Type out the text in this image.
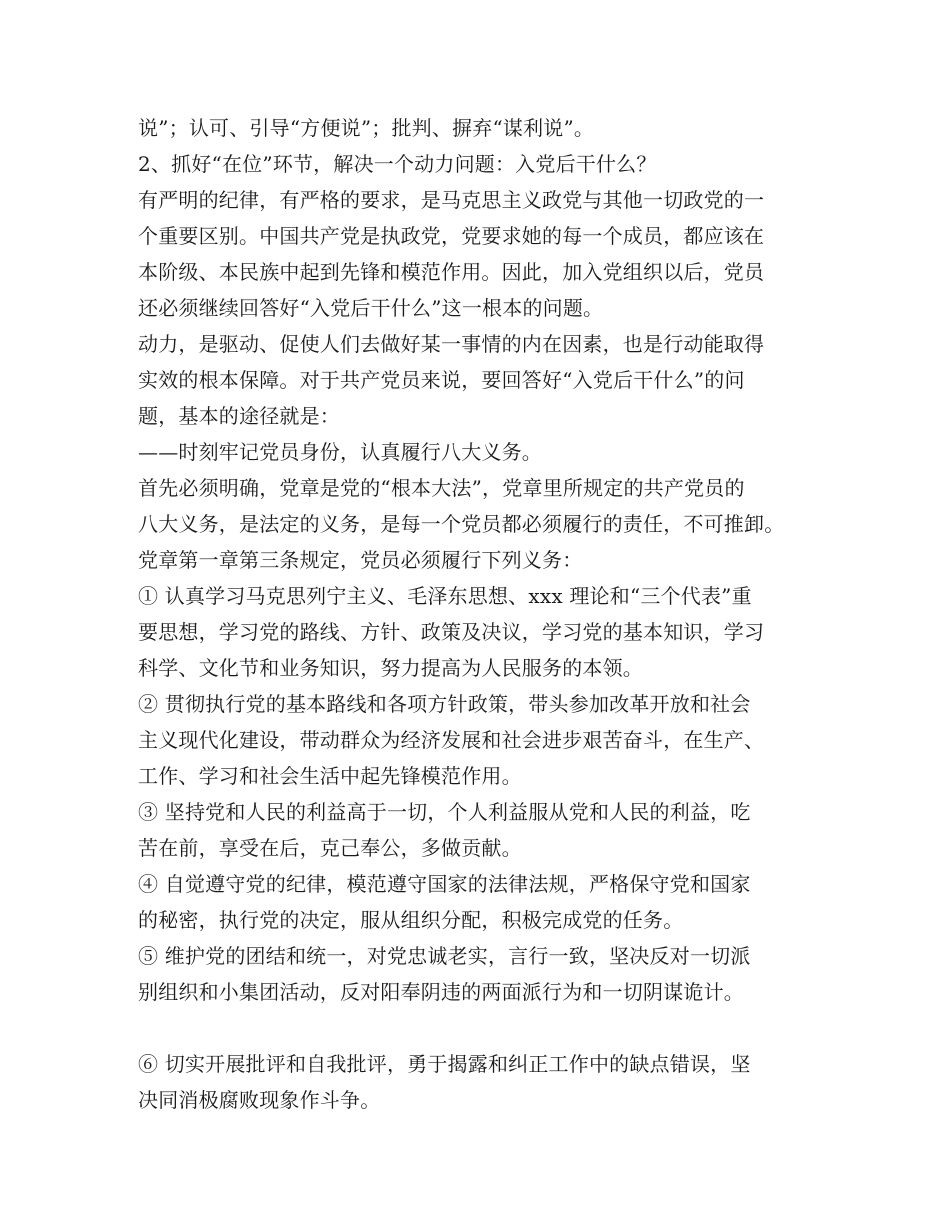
说”；认可、引导“方便说”；批判、摒弃“谋利说”。
2、抓好“在位”环节，解决一个动力问题：入党后干什么？
有严明的纪律，有严格的要求，是马克思主义政党与其他一切政党的一
个重要区别。中国共产党是执政党，党要求她的每一个成员，都应该在
本阶级、本民族中起到先锋和模范作用。因此，加入党组织以后，党员
还必须继续回答好“入党后干什么”这一根本的问题。
动力，是驱动、促使人们去做好某一事情的内在因素，也是行动能取得
实效的根本保障。对于共产党员来说，要回答好“入党后干什么”的问
题，基本的途径就是：
——时刻牢记党员身份，认真履行八大义务。
首先必须明确，党章是党的“根本大法”，党章里所规定的共产党员的
八大义务，是法定的义务，是每一个党员都必须履行的责任，不可推卸。
党章第一章第三条规定，党员必须履行下列义务：
① 认真学习马克思列宁主义、毛泽东思想、xxx 理论和“三个代表”重
要思想，学习党的路线、方针、政策及决议，学习党的基本知识，学习
科学、文化节和业务知识，努力提高为人民服务的本领。
② 贯彻执行党的基本路线和各项方针政策，带头参加改革开放和社会
主义现代化建设，带动群众为经济发展和社会进步艰苦奋斗，在生产、
工作、学习和社会生活中起先锋模范作用。
③ 坚持党和人民的利益高于一切，个人利益服从党和人民的利益，吃
苦在前，享受在后，克己奉公，多做贡献。
④ 自觉遵守党的纪律，模范遵守国家的法律法规，严格保守党和国家
的秘密，执行党的决定，服从组织分配，积极完成党的任务。
⑤ 维护党的团结和统一，对党忠诚老实，言行一致，坚决反对一切派
别组织和小集团活动，反对阳奉阴违的两面派行为和一切阴谋诡计。
⑥ 切实开展批评和自我批评，勇于揭露和纠正工作中的缺点错误，坚
决同消极腐败现象作斗争。
